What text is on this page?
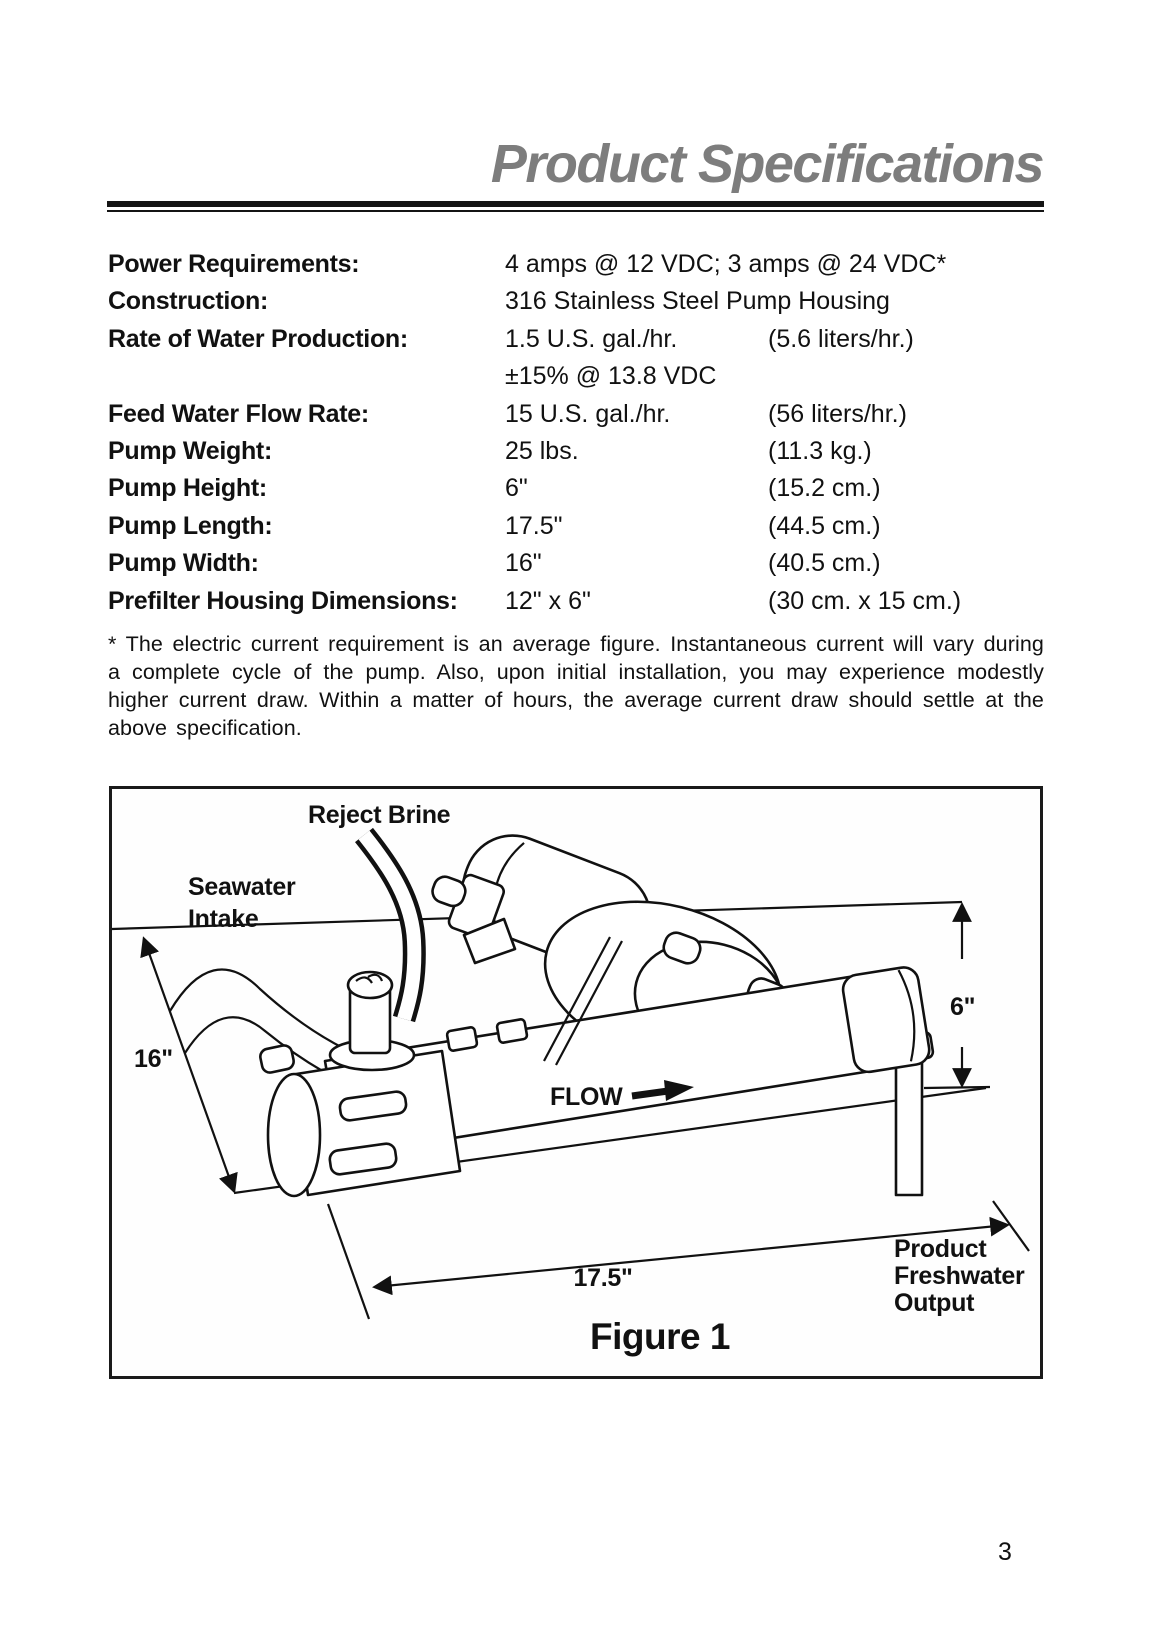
Product Specifications
Power Requirements:	4 amps @ 12 VDC; 3 amps @ 24 VDC*
Construction:	316 Stainless Steel Pump Housing
Rate of Water Production:	1.5 U.S. gal./hr.	(5.6 liters/hr.)
±15% @ 13.8 VDC
Feed Water Flow Rate:	15 U.S. gal./hr.	(56 liters/hr.)
Pump Weight:	25 lbs.	(11.3 kg.)
Pump Height:	6"	(15.2 cm.)
Pump Length:	17.5"	(44.5 cm.)
Pump Width:	16"	(40.5 cm.)
Prefilter Housing Dimensions: 12" x 6"	(30 cm. x 15 cm.)
* The electric current requirement is an average figure. Instantaneous current will vary during a complete cycle of the pump. Also, upon initial installation, you may experience modestly higher current draw. Within a matter of hours, the average current draw should settle at the above specification.
Reject Brine
Seawater
Intake
16"
6"
17.5"
FLOW
Product
Freshwater
Output
Figure 1
3
